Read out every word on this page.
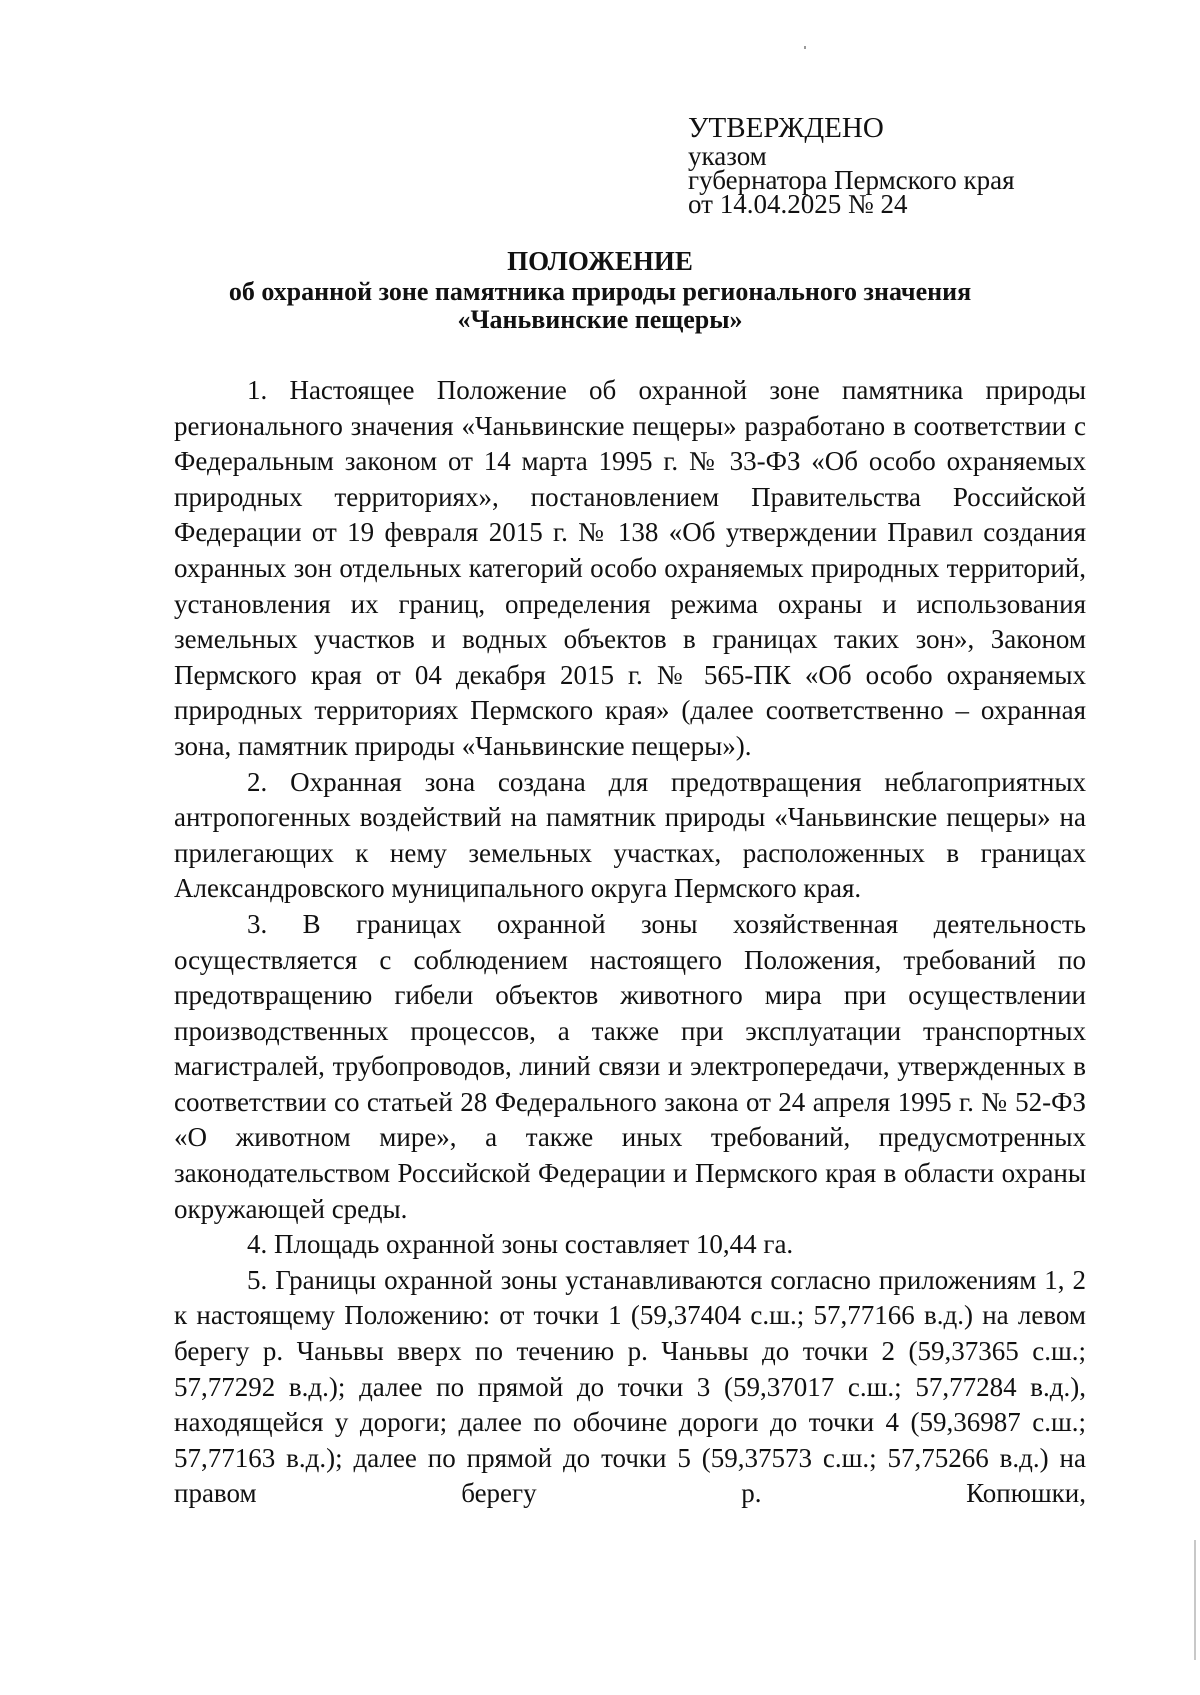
УТВЕРЖДЕНО
указом
губернатора Пермского края
от 14.04.2025 № 24
ПОЛОЖЕНИЕ
об охранной зоне памятника природы регионального значения
«Чаньвинские пещеры»

1. Настоящее Положение об охранной зоне памятника природы регионального значения «Чаньвинские пещеры» разработано в соответствии с Федеральным законом от 14 марта 1995 г. № 33-ФЗ «Об особо охраняемых природных территориях», постановлением Правительства Российской Федерации от 19 февраля 2015 г. № 138 «Об утверждении Правил создания охранных зон отдельных категорий особо охраняемых природных территорий, установления их границ, определения режима охраны и использования земельных участков и водных объектов в границах таких зон», Законом Пермского края от 04 декабря 2015 г. № 565-ПК «Об особо охраняемых природных территориях Пермского края» (далее соответственно – охранная зона, памятник природы «Чаньвинские пещеры»).

2. Охранная зона создана для предотвращения неблагоприятных антропогенных воздействий на памятник природы «Чаньвинские пещеры» на прилегающих к нему земельных участках, расположенных в границах Александровского муниципального округа Пермского края.

3. В границах охранной зоны хозяйственная деятельность осуществляется с соблюдением настоящего Положения, требований по предотвращению гибели объектов животного мира при осуществлении производственных процессов, а также при эксплуатации транспортных магистралей, трубопроводов, линий связи и электропередачи, утвержденных в соответствии со статьей 28 Федерального закона от 24 апреля 1995 г. № 52-ФЗ «О животном мире», а также иных требований, предусмотренных законодательством Российской Федерации и Пермского края в области охраны окружающей среды.

4. Площадь охранной зоны составляет 10,44 га.

5. Границы охранной зоны устанавливаются согласно приложениям 1, 2 к настоящему Положению: от точки 1 (59,37404 с.ш.; 57,77166 в.д.) на левом берегу р. Чаньвы вверх по течению р. Чаньвы до точки 2 (59,37365 с.ш.; 57,77292 в.д.); далее по прямой до точки 3 (59,37017 с.ш.; 57,77284 в.д.), находящейся у дороги; далее по обочине дороги до точки 4 (59,36987 с.ш.; 57,77163 в.д.); далее по прямой до точки 5 (59,37573 с.ш.; 57,75266 в.д.) на правом берегу р. Копюшки,
